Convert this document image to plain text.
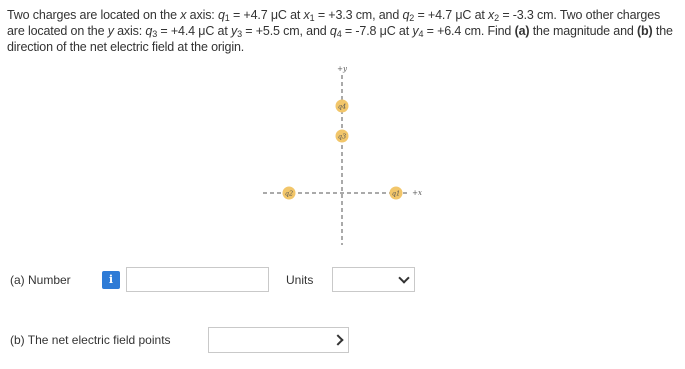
Two charges are located on the x axis: $q_1 = +4.7$ μC at $x_1 = +3.3$ cm, and $q_2 = +4.7$ μC at $x_2 = -3.3$ cm. Two other charges are located on the y axis: $q_3 = +4.4$ μC at $y_3 = +5.5$ cm, and $q_4 = -7.8$ μC at $y_4 = +6.4$ cm. Find (a) the magnitude and (b) the direction of the net electric field at the origin.
+y
+x
q4
q3
q2	q1
(a) Number	i	Units
(b) The net electric field points
